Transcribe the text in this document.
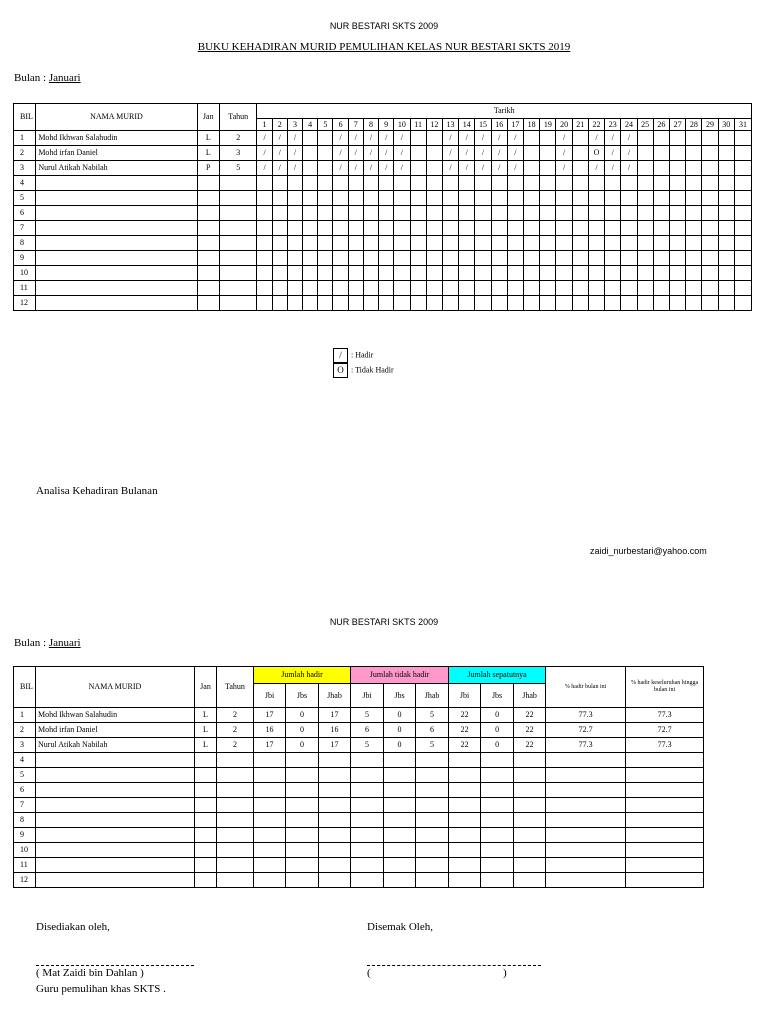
NUR BESTARI SKTS 2009
BUKU KEHADIRAN MURID PEMULIHAN KELAS NUR BESTARI SKTS 2019
Bulan : Januari
BIL	NAMA MURID	Jan	Tahun	Tarikh																														
				1	2	3	4	5	6	7	8	9	10	11	12	13	14	15	16	17	18	19	20	21	22	23	24	25	26	27	28	29	30	31
1	Mohd Ikhwan Salahudin	L	2	/	/	/			/	/	/	/	/			/	/	/	/	/			/		/	/	/							
2	Mohd irfan Daniel	L	3	/	/	/			/	/	/	/	/			/	/	/	/	/			/		O	/	/							
3	Nurul Atikah Nabilah	P	5	/	/	/			/	/	/	/	/			/	/	/	/	/			/		/	/	/							
4																																		
5																																		
6																																		
7																																		
8																																		
9																																		
10																																		
11																																		
12																																		
/ : Hadir
O : Tidak Hadir
Analisa Kehadiran Bulanan
zaidi_nurbestari@yahoo.com
NUR BESTARI SKTS 2009
Bulan : Januari
BIL	NAMA MURID	Jan	Tahun	Jumlah hadir			Jumlah tidak hadir			Jumlah sepatutnya			% hadir bulan ini	% hadir keseluruhan hingga bulan ini
				Jbi	Jbs	Jhab	Jbi	Jbs	Jhab	Jbi	Jbs	Jhab		
1	Mohd Ikhwan Salahudin	L	2	17	0	17	5	0	5	22	0	22	77.3	77.3
2	Mohd irfan Daniel	L	2	16	0	16	6	0	6	22	0	22	72.7	72.7
3	Nurul Atikah Nabilah	L	2	17	0	17	5	0	5	22	0	22	77.3	77.3
4														
5														
6														
7														
8														
9														
10														
11														
12														
Disediakan oleh,	Disemak Oleh,
( Mat Zaidi bin Dahlan )
Guru pemulihan khas SKTS .
(	)
